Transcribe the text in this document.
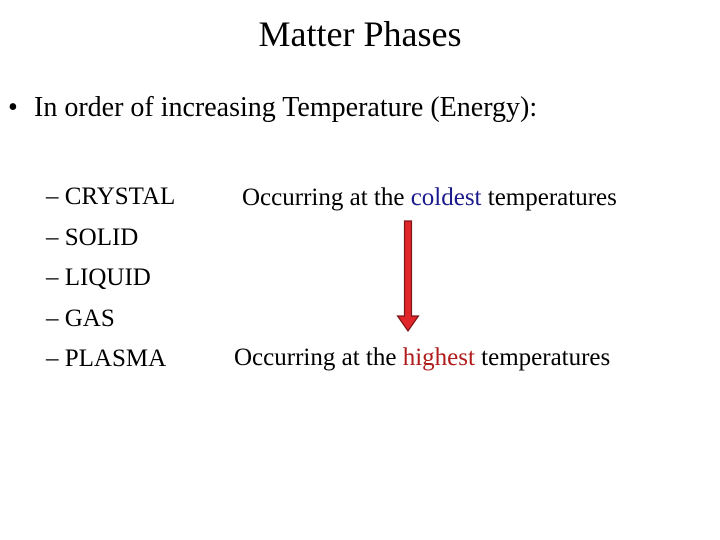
Matter Phases
• In order of increasing Temperature (Energy):
– CRYSTAL
– SOLID
– LIQUID
– GAS
– PLASMA
Occurring at the coldest temperatures
Occurring at the highest temperatures
